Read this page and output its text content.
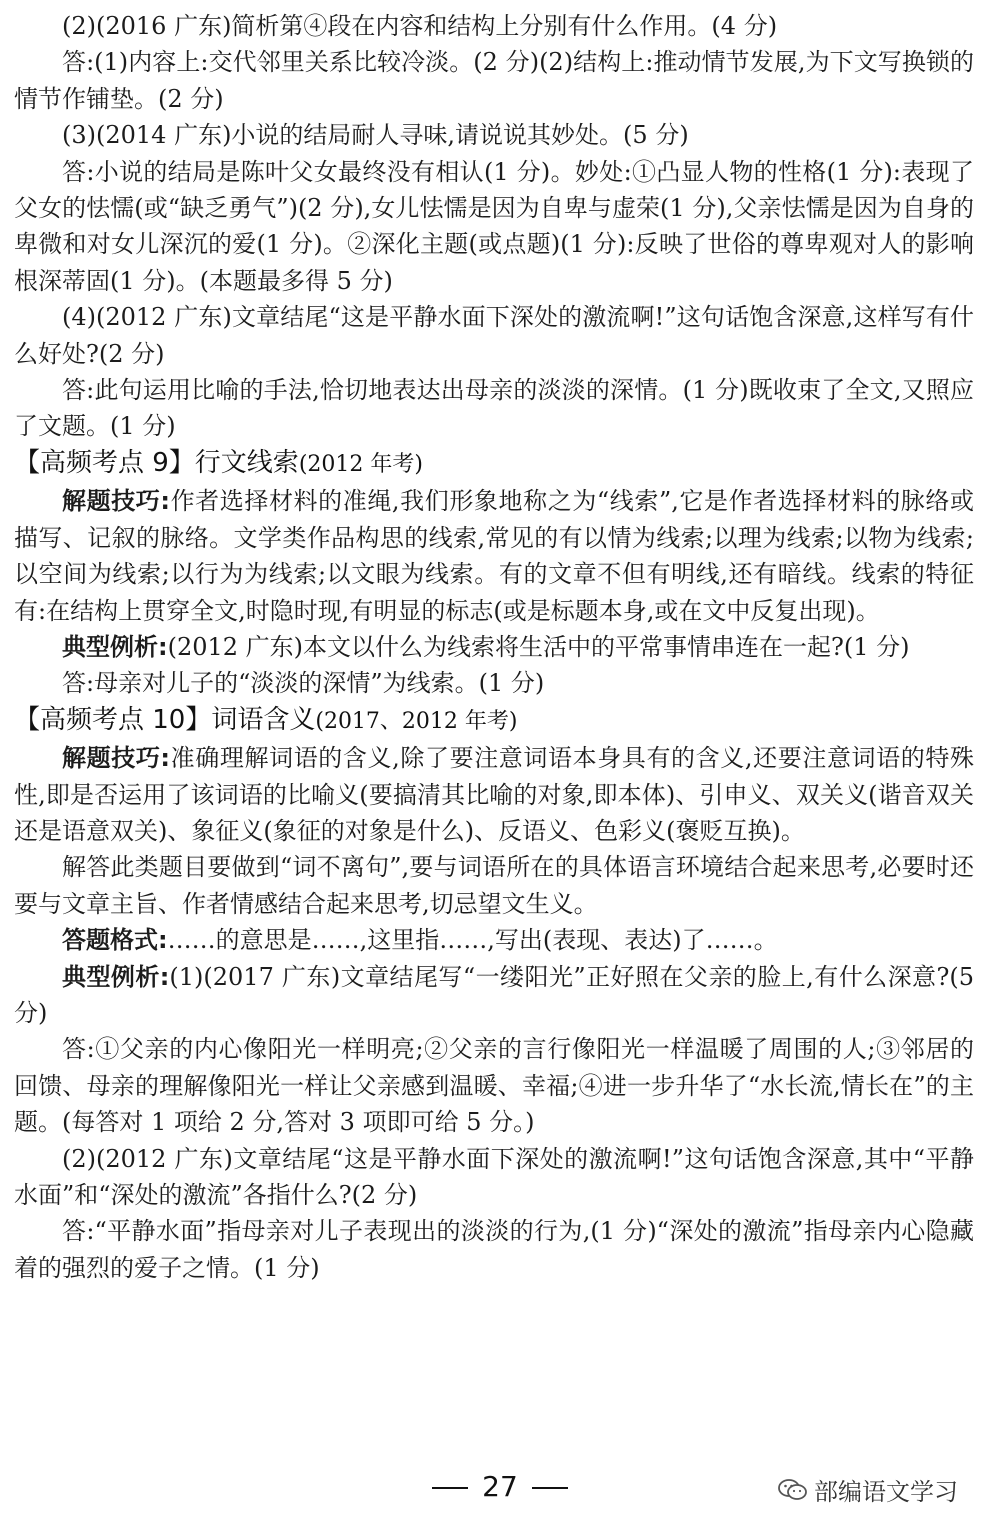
(2)(2016 广东)简析第④段在内容和结构上分别有什么作用。(4 分)

答:(1)内容上:交代邻里关系比较冷淡。(2 分)(2)结构上:推动情节发展,为下文写换锁的情节作铺垫。(2 分)

(3)(2014 广东)小说的结局耐人寻味,请说说其妙处。(5 分)

答:小说的结局是陈叶父女最终没有相认(1 分)。妙处:①凸显人物的性格(1 分):表现了父女的怯懦(或“缺乏勇气”)(2 分),女儿怯懦是因为自卑与虚荣(1 分),父亲怯懦是因为自身的卑微和对女儿深沉的爱(1 分)。②深化主题(或点题)(1 分):反映了世俗的尊卑观对人的影响根深蒂固(1 分)。(本题最多得 5 分)

(4)(2012 广东)文章结尾“这是平静水面下深处的激流啊!”这句话饱含深意,这样写有什么好处?(2 分)

答:此句运用比喻的手法,恰切地表达出母亲的淡淡的深情。(1 分)既收束了全文,又照应了文题。(1 分)

【高频考点 9】行文线索(2012 年考)

解题技巧:作者选择材料的准绳,我们形象地称之为“线索”,它是作者选择材料的脉络或描写、记叙的脉络。文学类作品构思的线索,常见的有以情为线索;以理为线索;以物为线索;以空间为线索;以行为为线索;以文眼为线索。有的文章不但有明线,还有暗线。线索的特征有:在结构上贯穿全文,时隐时现,有明显的标志(或是标题本身,或在文中反复出现)。

典型例析:(2012 广东)本文以什么为线索将生活中的平常事情串连在一起?(1 分)

答:母亲对儿子的“淡淡的深情”为线索。(1 分)

【高频考点 10】词语含义(2017、2012 年考)

解题技巧:准确理解词语的含义,除了要注意词语本身具有的含义,还要注意词语的特殊性,即是否运用了该词语的比喻义(要搞清其比喻的对象,即本体)、引申义、双关义(谐音双关还是语意双关)、象征义(象征的对象是什么)、反语义、色彩义(褒贬互换)。

解答此类题目要做到“词不离句”,要与词语所在的具体语言环境结合起来思考,必要时还要与文章主旨、作者情感结合起来思考,切忌望文生义。

答题格式:……的意思是……,这里指……,写出(表现、表达)了……。

典型例析:(1)(2017 广东)文章结尾写“一缕阳光”正好照在父亲的脸上,有什么深意?(5 分)

答:①父亲的内心像阳光一样明亮;②父亲的言行像阳光一样温暖了周围的人;③邻居的回馈、母亲的理解像阳光一样让父亲感到温暖、幸福;④进一步升华了“水长流,情长在”的主题。(每答对 1 项给 2 分,答对 3 项即可给 5 分。)

(2)(2012 广东)文章结尾“这是平静水面下深处的激流啊!”这句话饱含深意,其中“平静水面”和“深处的激流”各指什么?(2 分)

答:“平静水面”指母亲对儿子表现出的淡淡的行为,(1 分)“深处的激流”指母亲内心隐藏着的强烈的爱子之情。(1 分)

27	部编语文学习
